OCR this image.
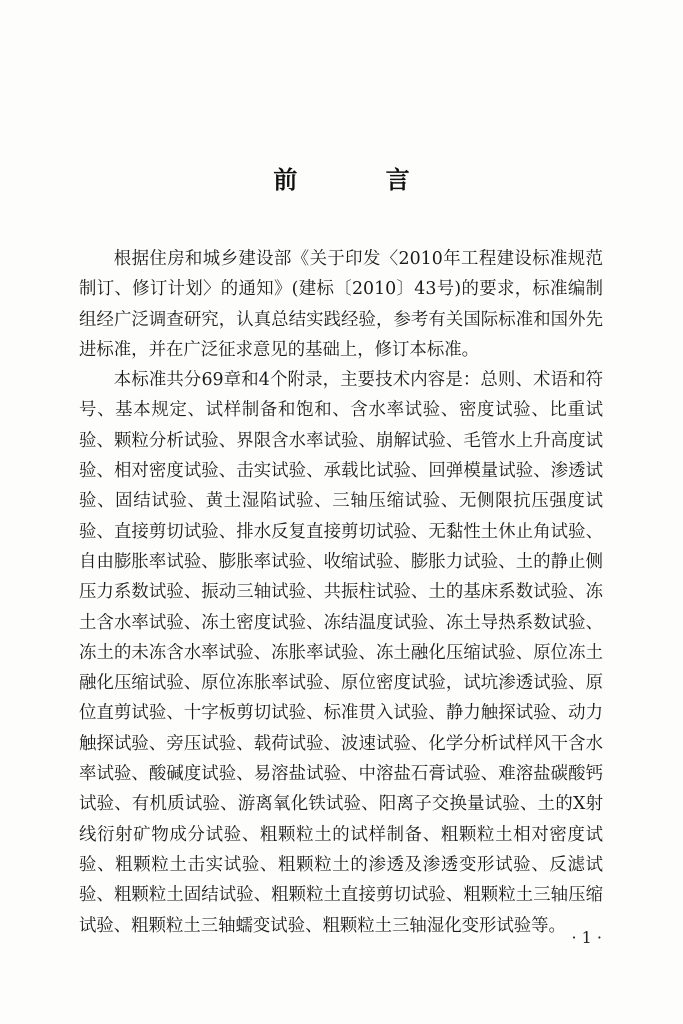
前 言

根据住房和城乡建设部《关于印发〈2010年工程建设标准规范制订、修订计划〉的通知》(建标〔2010〕43号)的要求，标准编制组经广泛调查研究，认真总结实践经验，参考有关国际标准和国外先进标准，并在广泛征求意见的基础上，修订本标准。

本标准共分69章和4个附录，主要技术内容是：总则、术语和符号、基本规定、试样制备和饱和、含水率试验、密度试验、比重试验、颗粒分析试验、界限含水率试验、崩解试验、毛管水上升高度试验、相对密度试验、击实试验、承载比试验、回弹模量试验、渗透试验、固结试验、黄土湿陷试验、三轴压缩试验、无侧限抗压强度试验、直接剪切试验、排水反复直接剪切试验、无黏性土休止角试验、自由膨胀率试验、膨胀率试验、收缩试验、膨胀力试验、土的静止侧压力系数试验、振动三轴试验、共振柱试验、土的基床系数试验、冻土含水率试验、冻土密度试验、冻结温度试验、冻土导热系数试验、冻土的未冻含水率试验、冻胀率试验、冻土融化压缩试验、原位冻土融化压缩试验、原位冻胀率试验、原位密度试验，试坑渗透试验、原位直剪试验、十字板剪切试验、标准贯入试验、静力触探试验、动力触探试验、旁压试验、载荷试验、波速试验、化学分析试样风干含水率试验、酸碱度试验、易溶盐试验、中溶盐石膏试验、难溶盐碳酸钙试验、有机质试验、游离氧化铁试验、阳离子交换量试验、土的X射线衍射矿物成分试验、粗颗粒土的试样制备、粗颗粒土相对密度试验、粗颗粒土击实试验、粗颗粒土的渗透及渗透变形试验、反滤试验、粗颗粒土固结试验、粗颗粒土直接剪切试验、粗颗粒土三轴压缩试验、粗颗粒土三轴蠕变试验、粗颗粒土三轴湿化变形试验等。

· 1 ·
